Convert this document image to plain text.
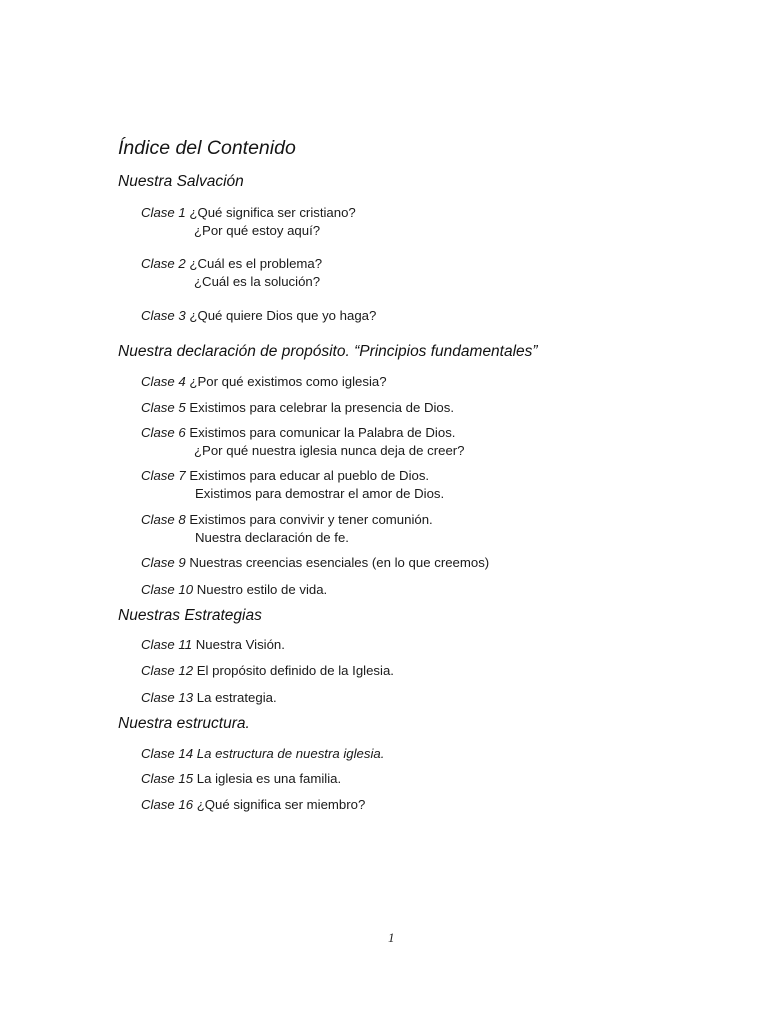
Índice del Contenido
Nuestra Salvación
Clase 1 ¿Qué significa ser cristiano?
¿Por qué estoy aquí?
Clase 2 ¿Cuál es el problema?
¿Cuál es la solución?
Clase 3 ¿Qué quiere Dios que yo haga?
Nuestra declaración de propósito. “Principios fundamentales”
Clase 4 ¿Por qué existimos como iglesia?
Clase 5 Existimos para celebrar la presencia de Dios.
Clase 6 Existimos para comunicar la Palabra de Dios.
¿Por qué nuestra iglesia nunca deja de creer?
Clase 7 Existimos para educar al pueblo de Dios.
Existimos para demostrar el amor de Dios.
Clase 8 Existimos para convivir y tener comunión.
Nuestra declaración de fe.
Clase 9 Nuestras creencias esenciales (en lo que creemos)
Clase 10 Nuestro estilo de vida.
Nuestras Estrategias
Clase 11 Nuestra Visión.
Clase 12 El propósito definido de la Iglesia.
Clase 13 La estrategia.
Nuestra estructura.
Clase 14 La estructura de nuestra iglesia.
Clase 15 La iglesia es una familia.
Clase 16 ¿Qué significa ser miembro?
1
